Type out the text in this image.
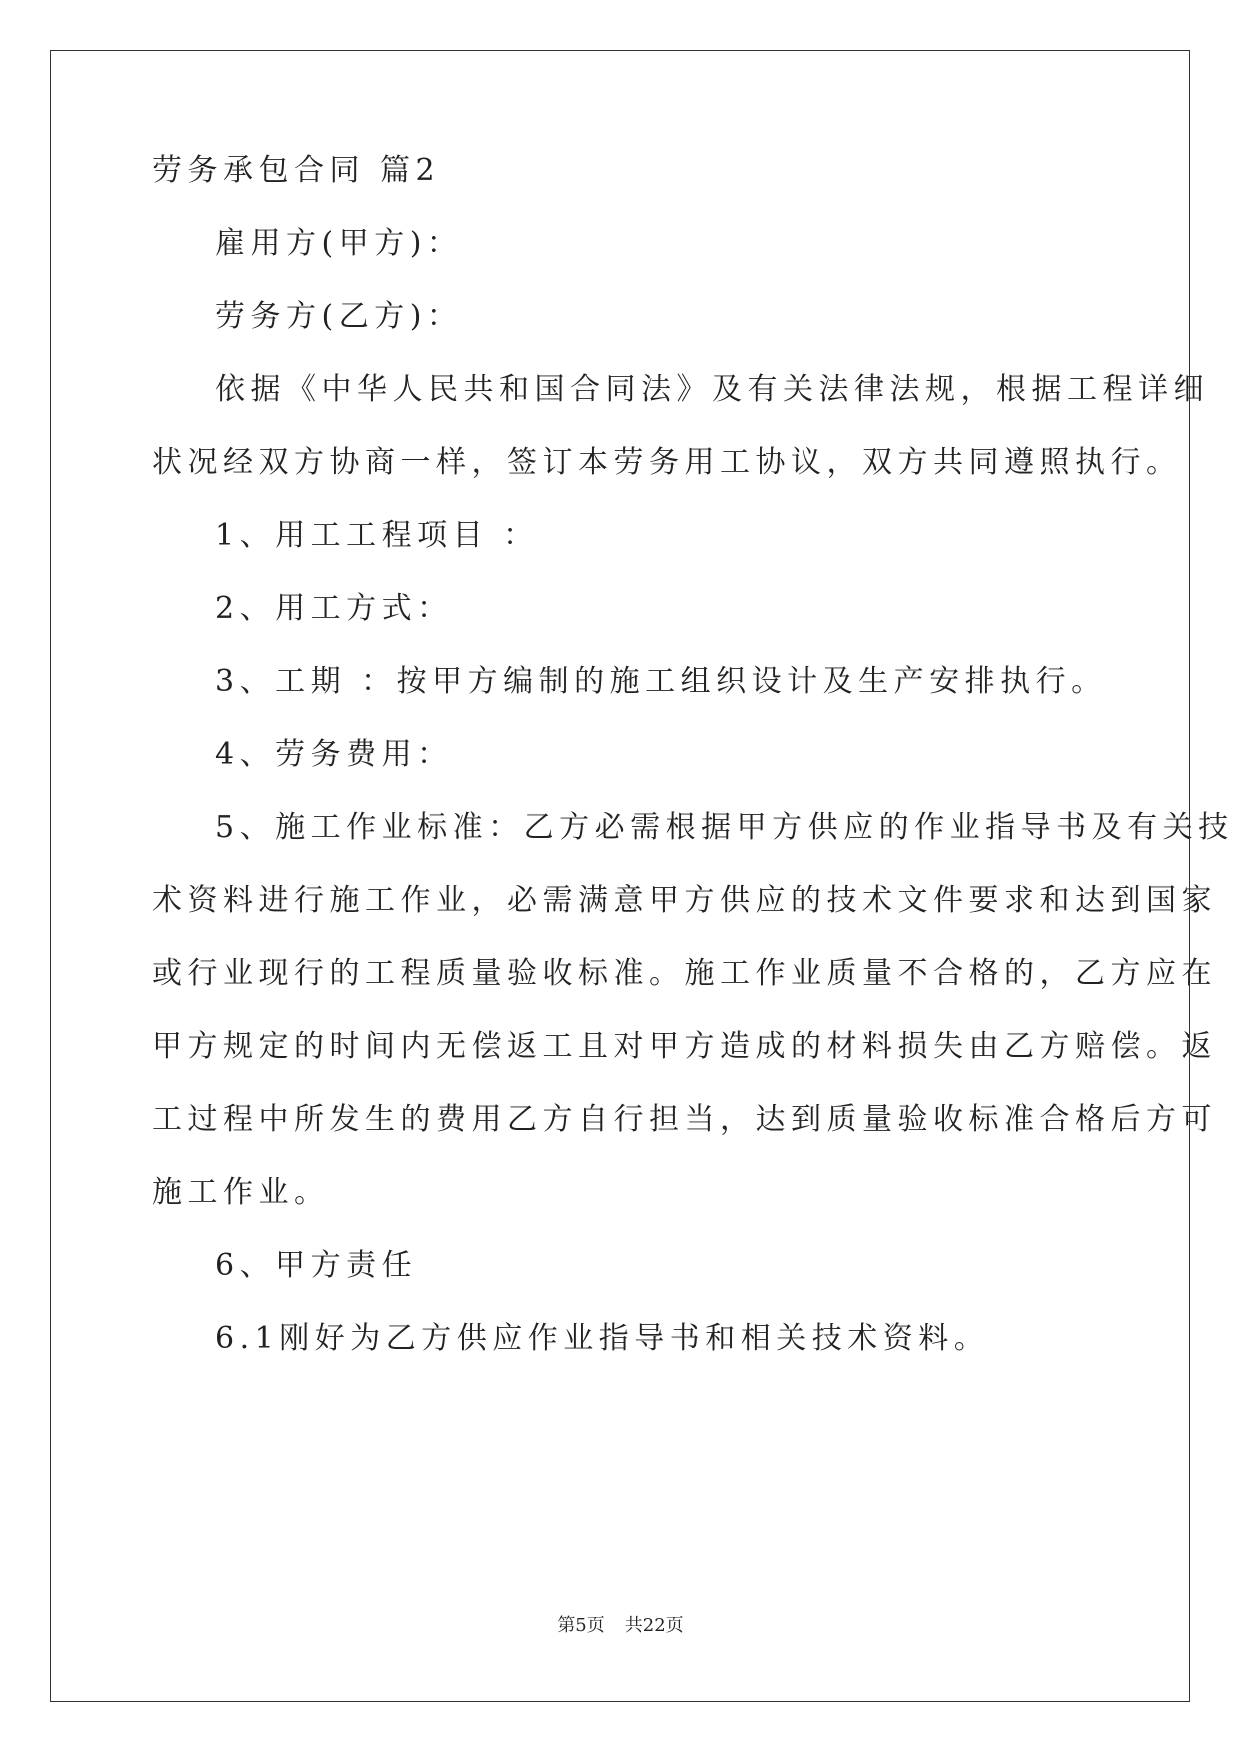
劳务承包合同 篇2
雇用方(甲方)：
劳务方(乙方)：
依据《中华人民共和国合同法》及有关法律法规，根据工程详细
状况经双方协商一样，签订本劳务用工协议，双方共同遵照执行。
1、用工工程项目 ：
2、用工方式：
3、工期 ：按甲方编制的施工组织设计及生产安排执行。
4、劳务费用：
5、施工作业标准：乙方必需根据甲方供应的作业指导书及有关技
术资料进行施工作业，必需满意甲方供应的技术文件要求和达到国家
或行业现行的工程质量验收标准。施工作业质量不合格的，乙方应在
甲方规定的时间内无偿返工且对甲方造成的材料损失由乙方赔偿。返
工过程中所发生的费用乙方自行担当，达到质量验收标准合格后方可
施工作业。
6、甲方责任
6.1刚好为乙方供应作业指导书和相关技术资料。
第5页 共22页
